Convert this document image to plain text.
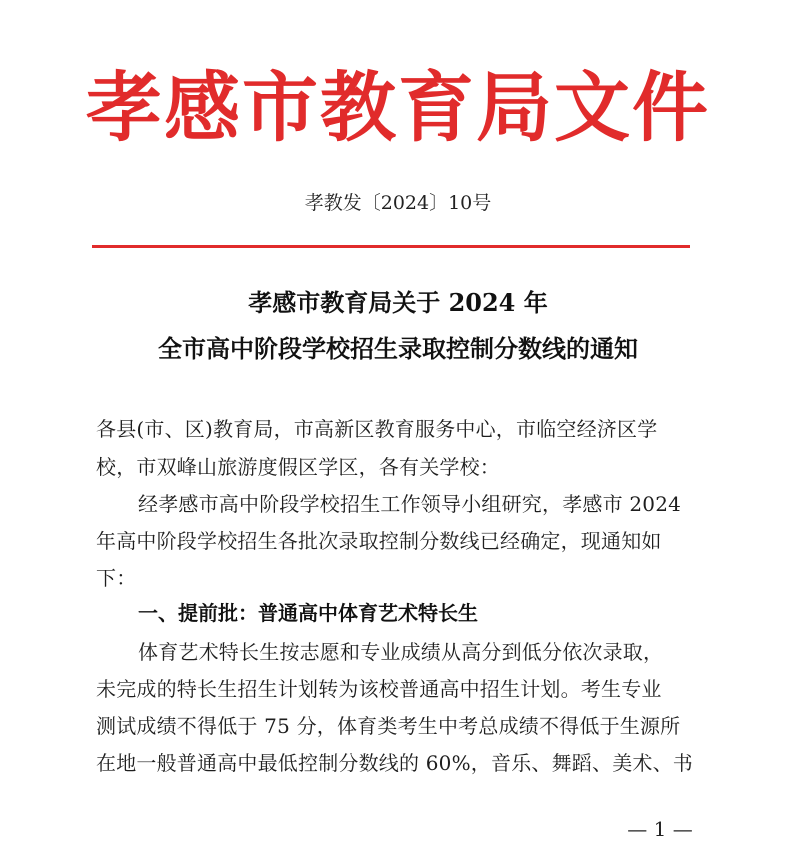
孝感市教育局文件
孝教发〔2024〕10号
孝感市教育局关于 2024 年
全市高中阶段学校招生录取控制分数线的通知
各县(市、区)教育局，市高新区教育服务中心，市临空经济区学
校，市双峰山旅游度假区学区，各有关学校：
经孝感市高中阶段学校招生工作领导小组研究，孝感市 2024
年高中阶段学校招生各批次录取控制分数线已经确定，现通知如
下：
一、提前批：普通高中体育艺术特长生
体育艺术特长生按志愿和专业成绩从高分到低分依次录取，
未完成的特长生招生计划转为该校普通高中招生计划。考生专业
测试成绩不得低于 75 分，体育类考生中考总成绩不得低于生源所
在地一般普通高中最低控制分数线的 60%，音乐、舞蹈、美术、书
— 1 —
